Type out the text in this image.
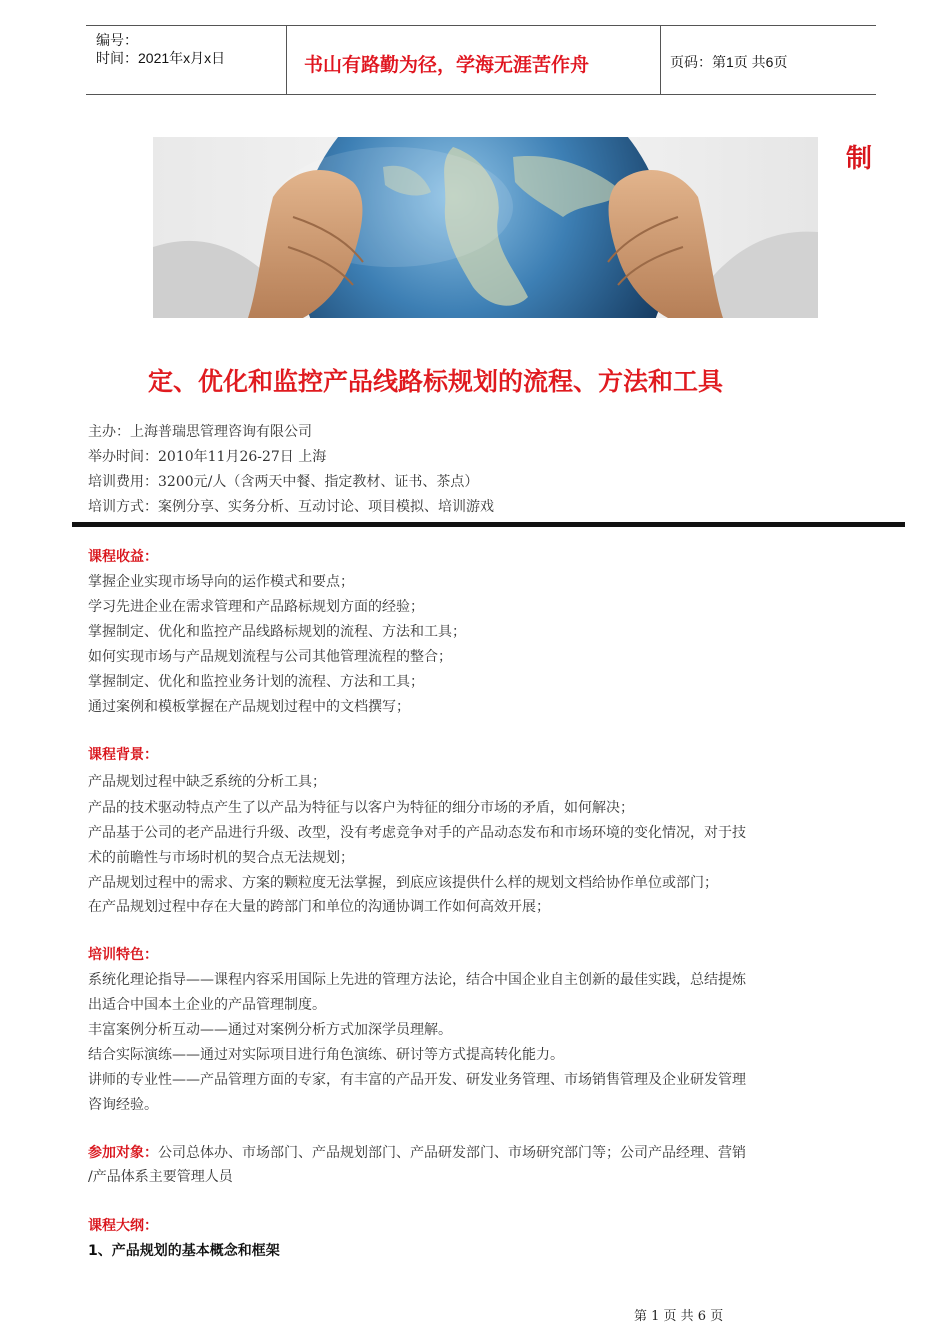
编号：
时间：2021年x月x日	书山有路勤为径，学海无涯苦作舟	页码：第1页 共6页
制
定、优化和监控产品线路标规划的流程、方法和工具
主办：上海普瑞思管理咨询有限公司
举办时间：2010年11月26-27日 上海
培训费用：3200元/人（含两天中餐、指定教材、证书、茶点）
培训方式：案例分享、实务分析、互动讨论、项目模拟、培训游戏
课程收益：
掌握企业实现市场导向的运作模式和要点；
学习先进企业在需求管理和产品路标规划方面的经验；
掌握制定、优化和监控产品线路标规划的流程、方法和工具；
如何实现市场与产品规划流程与公司其他管理流程的整合；
掌握制定、优化和监控业务计划的流程、方法和工具；
通过案例和模板掌握在产品规划过程中的文档撰写；
课程背景：
产品规划过程中缺乏系统的分析工具；
产品的技术驱动特点产生了以产品为特征与以客户为特征的细分市场的矛盾，如何解决；
产品基于公司的老产品进行升级、改型，没有考虑竞争对手的产品动态发布和市场环境的变化情况，对于技
术的前瞻性与市场时机的契合点无法规划；
产品规划过程中的需求、方案的颗粒度无法掌握，到底应该提供什么样的规划文档给协作单位或部门；
在产品规划过程中存在大量的跨部门和单位的沟通协调工作如何高效开展；
培训特色：
系统化理论指导——课程内容采用国际上先进的管理方法论，结合中国企业自主创新的最佳实践，总结提炼
出适合中国本土企业的产品管理制度。
丰富案例分析互动——通过对案例分析方式加深学员理解。
结合实际演练——通过对实际项目进行角色演练、研讨等方式提高转化能力。
讲师的专业性——产品管理方面的专家，有丰富的产品开发、研发业务管理、市场销售管理及企业研发管理
咨询经验。
参加对象：公司总体办、市场部门、产品规划部门、产品研发部门、市场研究部门等；公司产品经理、营销
/产品体系主要管理人员
课程大纲：
1、产品规划的基本概念和框架
第 1 页 共 6 页
